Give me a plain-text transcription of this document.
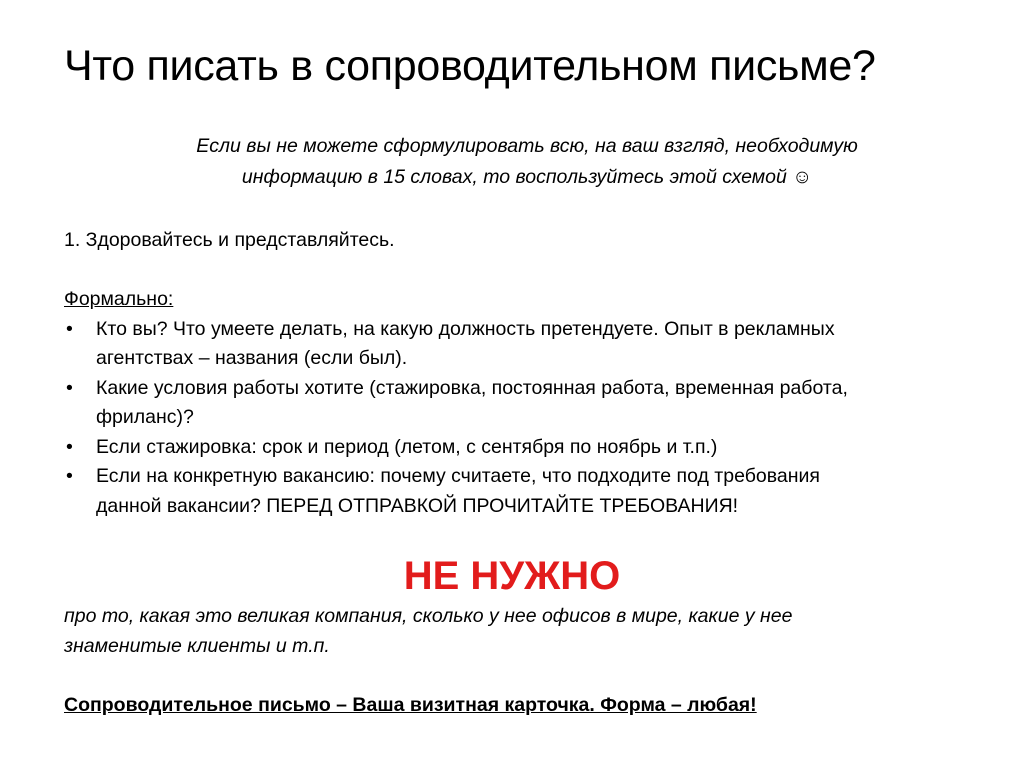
Что писать в сопроводительном письме?
Если вы не можете сформулировать всю, на ваш взгляд, необходимую
информацию в 15 словах, то воспользуйтесь этой схемой ☺
1. Здоровайтесь и представляйтесь.
Формально:
• Кто вы? Что умеете делать, на какую должность претендуете. Опыт в рекламных
агентствах – названия (если был).
• Какие условия работы хотите (стажировка, постоянная работа, временная работа,
фриланс)?
• Если стажировка: срок и период (летом, с сентября по ноябрь и т.п.)
• Если на конкретную вакансию: почему считаете, что подходите под требования
данной вакансии? ПЕРЕД ОТПРАВКОЙ ПРОЧИТАЙТЕ ТРЕБОВАНИЯ!
НЕ НУЖНО
про то, какая это великая компания, сколько у нее офисов в мире, какие у нее
знаменитые клиенты и т.п.
Сопроводительное письмо – Ваша визитная карточка. Форма – любая!
